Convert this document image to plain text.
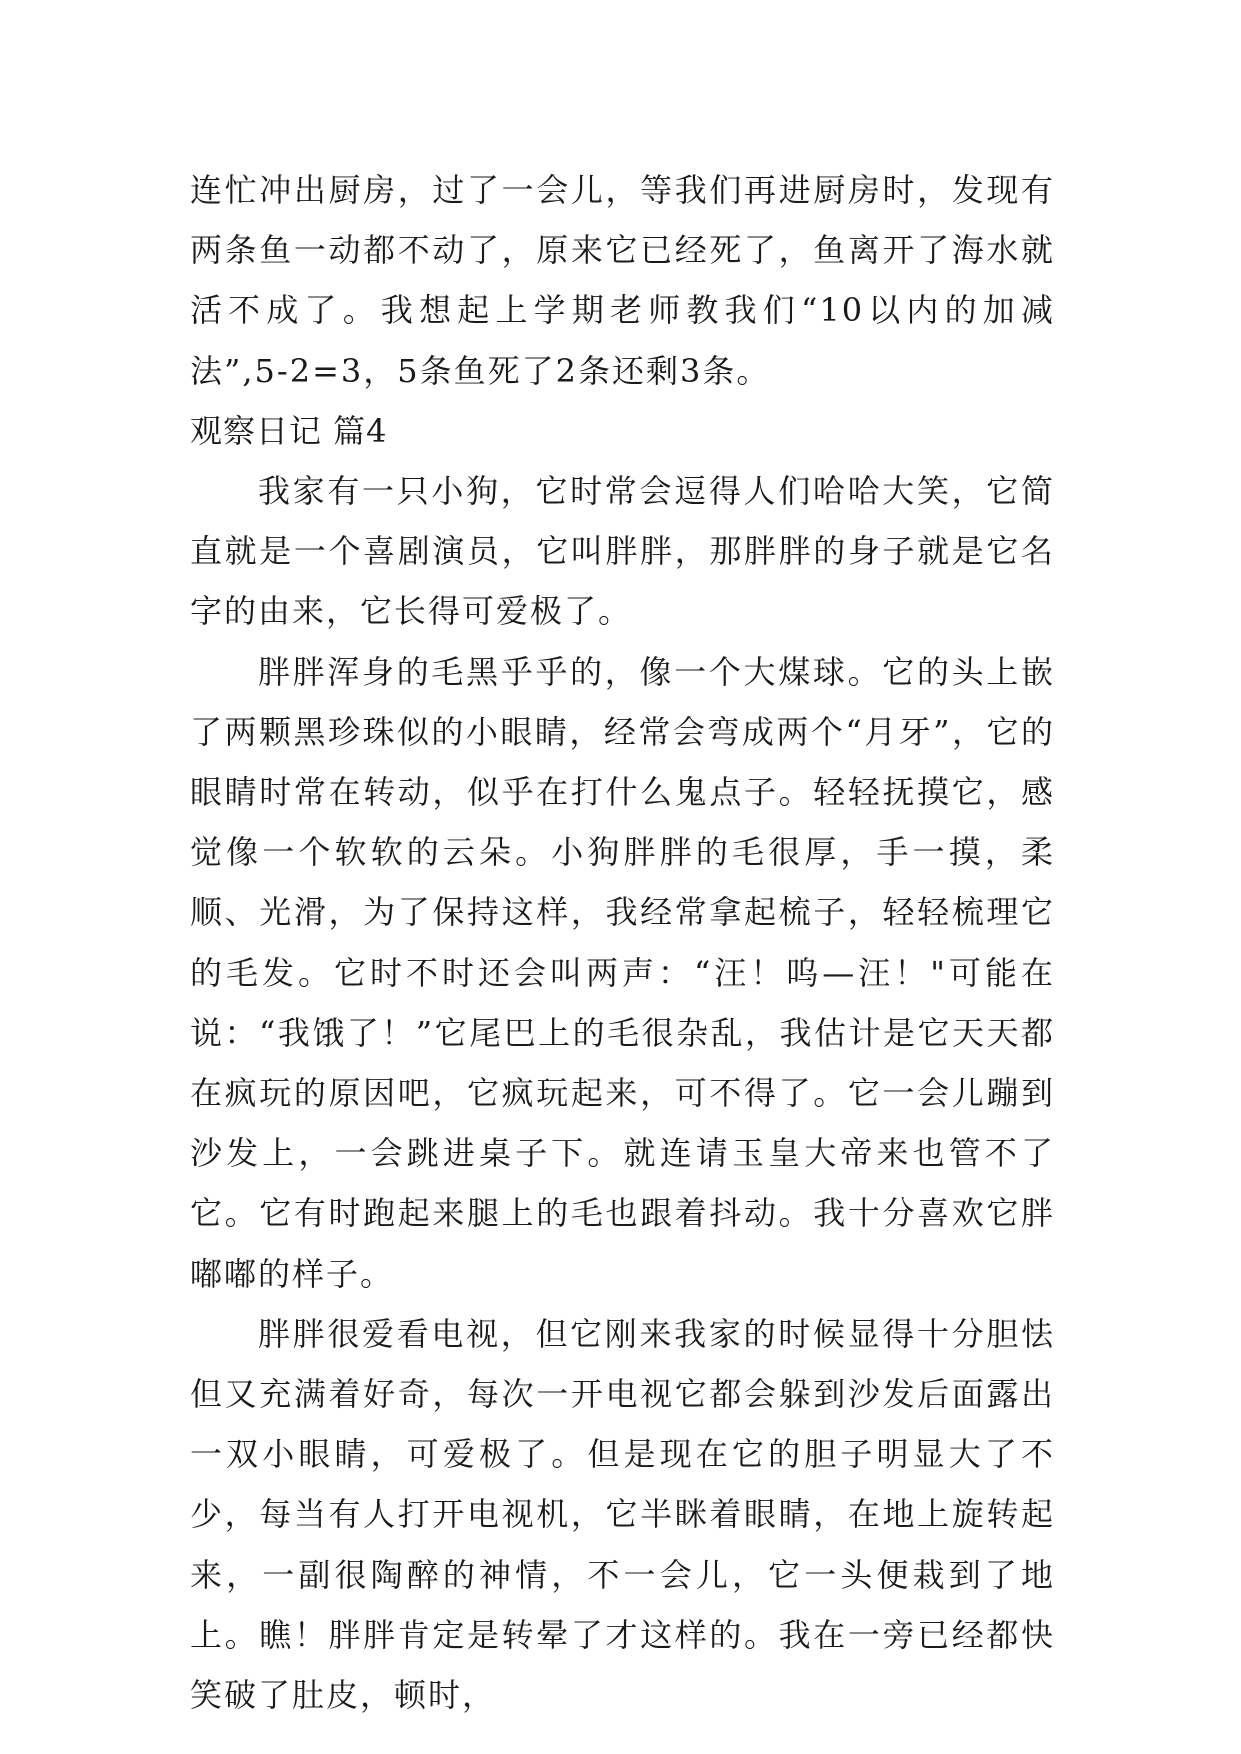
连忙冲出厨房，过了一会儿，等我们再进厨房时，发现有两条鱼一动都不动了，原来它已经死了，鱼离开了海水就活不成了。我想起上学期老师教我们“10以内的加减法”,5-2=3，5条鱼死了2条还剩3条。

观察日记 篇4

我家有一只小狗，它时常会逗得人们哈哈大笑，它简直就是一个喜剧演员，它叫胖胖，那胖胖的身子就是它名字的由来，它长得可爱极了。

胖胖浑身的毛黑乎乎的，像一个大煤球。它的头上嵌了两颗黑珍珠似的小眼睛，经常会弯成两个“月牙”，它的眼睛时常在转动，似乎在打什么鬼点子。轻轻抚摸它，感觉像一个软软的云朵。小狗胖胖的毛很厚，手一摸，柔顺、光滑，为了保持这样，我经常拿起梳子，轻轻梳理它的毛发。它时不时还会叫两声：“汪！呜—汪！"可能在说：“我饿了！”它尾巴上的毛很杂乱，我估计是它天天都在疯玩的原因吧，它疯玩起来，可不得了。它一会儿蹦到沙发上，一会跳进桌子下。就连请玉皇大帝来也管不了它。它有时跑起来腿上的毛也跟着抖动。我十分喜欢它胖嘟嘟的样子。

胖胖很爱看电视，但它刚来我家的时候显得十分胆怯但又充满着好奇，每次一开电视它都会躲到沙发后面露出一双小眼睛，可爱极了。但是现在它的胆子明显大了不少，每当有人打开电视机，它半眯着眼睛，在地上旋转起来，一副很陶醉的神情，不一会儿，它一头便栽到了地上。瞧！胖胖肯定是转晕了才这样的。我在一旁已经都快笑破了肚皮，顿时，
